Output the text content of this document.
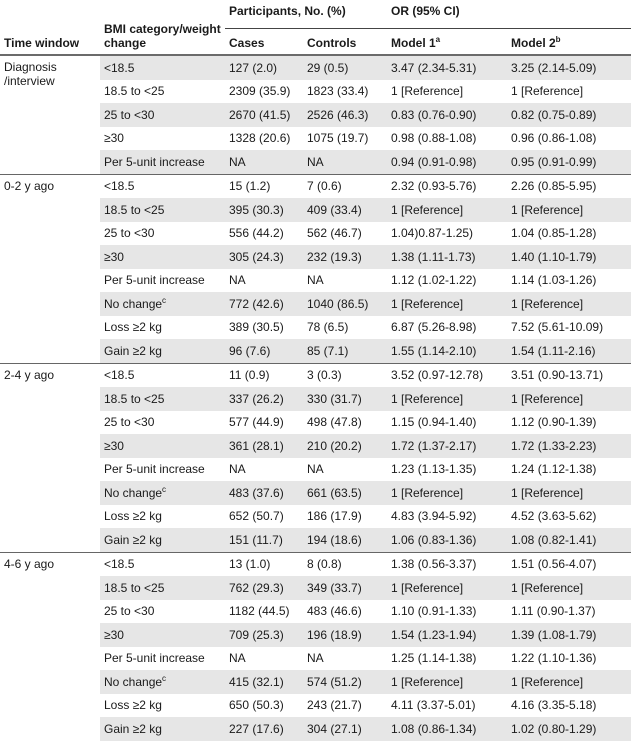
Time window	BMI category/weight change	Participants, No. (%)		OR (95% CI)	
		Cases	Controls	Model 1$^a$	Model 2$^b$
Diagnosis /interview	<18.5	127 (2.0)	29 (0.5)	3.47 (2.34-5.31)	3.25 (2.14-5.09)
	18.5 to <25	2309 (35.9)	1823 (33.4)	1 [Reference]	1 [Reference]
	25 to <30	2670 (41.5)	2526 (46.3)	0.83 (0.76-0.90)	0.82 (0.75-0.89)
	≥30	1328 (20.6)	1075 (19.7)	0.98 (0.88-1.08)	0.96 (0.86-1.08)
	Per 5-unit increase	NA	NA	0.94 (0.91-0.98)	0.95 (0.91-0.99)
0-2 y ago	<18.5	15 (1.2)	7 (0.6)	2.32 (0.93-5.76)	2.26 (0.85-5.95)
	18.5 to <25	395 (30.3)	409 (33.4)	1 [Reference]	1 [Reference]
	25 to <30	556 (44.2)	562 (46.7)	1.04)0.87-1.25)	1.04 (0.85-1.28)
	≥30	305 (24.3)	232 (19.3)	1.38 (1.11-1.73)	1.40 (1.10-1.79)
	Per 5-unit increase	NA	NA	1.12 (1.02-1.22)	1.14 (1.03-1.26)
	No change$^c$	772 (42.6)	1040 (86.5)	1 [Reference]	1 [Reference]
	Loss ≥2 kg	389 (30.5)	78 (6.5)	6.87 (5.26-8.98)	7.52 (5.61-10.09)
	Gain ≥2 kg	96 (7.6)	85 (7.1)	1.55 (1.14-2.10)	1.54 (1.11-2.16)
2-4 y ago	<18.5	11 (0.9)	3 (0.3)	3.52 (0.97-12.78)	3.51 (0.90-13.71)
	18.5 to <25	337 (26.2)	330 (31.7)	1 [Reference]	1 [Reference]
	25 to <30	577 (44.9)	498 (47.8)	1.15 (0.94-1.40)	1.12 (0.90-1.39)
	≥30	361 (28.1)	210 (20.2)	1.72 (1.37-2.17)	1.72 (1.33-2.23)
	Per 5-unit increase	NA	NA	1.23 (1.13-1.35)	1.24 (1.12-1.38)
	No change$^c$	483 (37.6)	661 (63.5)	1 [Reference]	1 [Reference]
	Loss ≥2 kg	652 (50.7)	186 (17.9)	4.83 (3.94-5.92)	4.52 (3.63-5.62)
	Gain ≥2 kg	151 (11.7)	194 (18.6)	1.06 (0.83-1.36)	1.08 (0.82-1.41)
4-6 y ago	<18.5	13 (1.0)	8 (0.8)	1.38 (0.56-3.37)	1.51 (0.56-4.07)
	18.5 to <25	762 (29.3)	349 (33.7)	1 [Reference]	1 [Reference]
	25 to <30	1182 (44.5)	483 (46.6)	1.10 (0.91-1.33)	1.11 (0.90-1.37)
	≥30	709 (25.3)	196 (18.9)	1.54 (1.23-1.94)	1.39 (1.08-1.79)
	Per 5-unit increase	NA	NA	1.25 (1.14-1.38)	1.22 (1.10-1.36)
	No change$^c$	415 (32.1)	574 (51.2)	1 [Reference]	1 [Reference]
	Loss ≥2 kg	650 (50.3)	243 (21.7)	4.11 (3.37-5.01)	4.16 (3.35-5.18)
	Gain ≥2 kg	227 (17.6)	304 (27.1)	1.08 (0.86-1.34)	1.02 (0.80-1.29)
